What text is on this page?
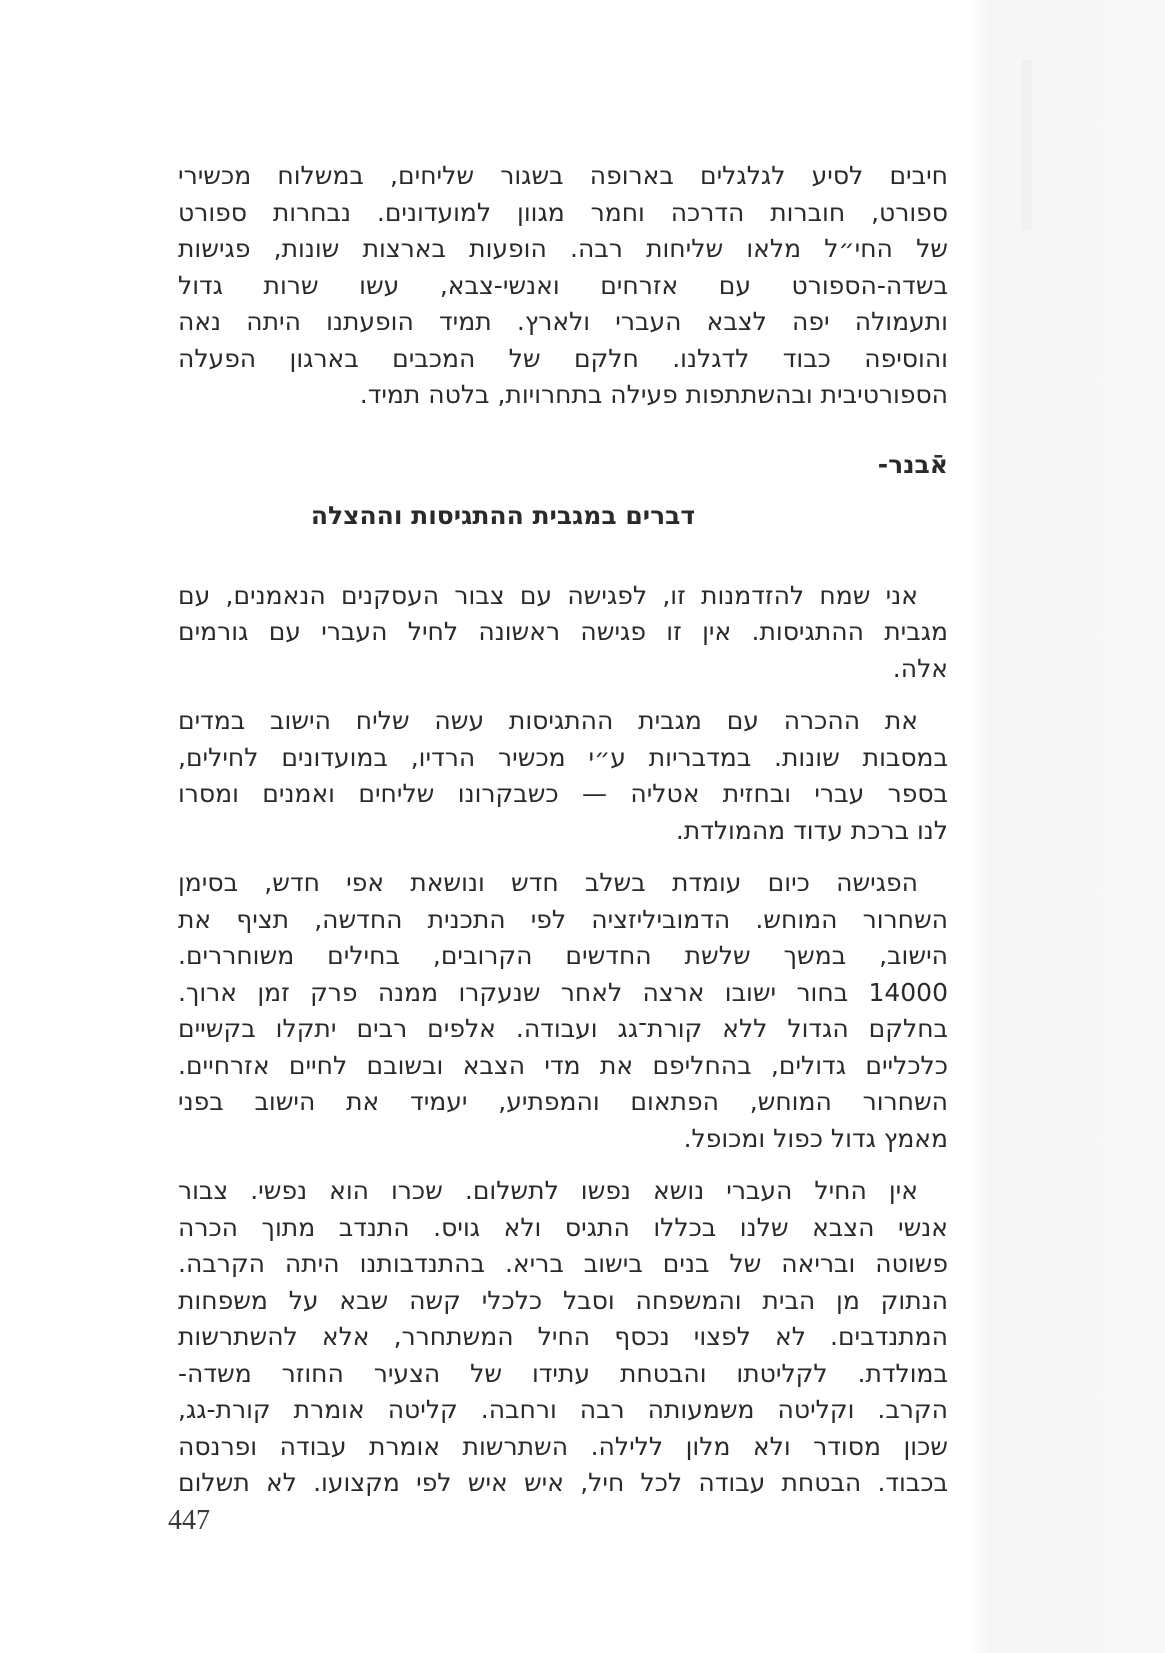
חיבים לסיע לגלגלים בארופה בשגור שליחים, במשלוח מכשירי
ספורט, חוברות הדרכה וחמר מגוון למועדונים. נבחרות ספורט
של החי״ל מלאו שליחות רבה. הופעות בארצות שונות, פגישות
בשדה-הספורט עם אזרחים ואנשי-צבא, עשו שרות גדול
ותעמולה יפה לצבא העברי ולארץ. תמיד הופעתנו היתה נאה
והוסיפה כבוד לדגלנו. חלקם של המכבים בארגון הפעלה
הספורטיבית ובהשתתפות פעילה בתחרויות, בלטה תמיד.
אֿבנר-
דברים במגבית ההתגיסות וההצלה
אני שמח להזדמנות זו, לפגישה עם צבור העסקנים הנאמנים, עם
מגבית ההתגיסות. אין זו פגישה ראשונה לחיל העברי עם גורמים
אלה.
את ההכרה עם מגבית ההתגיסות עשה שליח הישוב במדים
במסבות שונות. במדבריות ע״י מכשיר הרדיו, במועדונים לחילים,
בספר עברי ובחזית אטליה — כשבקרונו שליחים ואמנים ומסרו
לנו ברכת עדוד מהמולדת.
הפגישה כיום עומדת בשלב חדש ונושאת אפי חדש, בסימן
השחרור המוחש. הדמוביליזציה לפי התכנית החדשה, תציף את
הישוב, במשך שלשת החדשים הקרובים, בחילים משוחררים.
14000 בחור ישובו ארצה לאחר שנעקרו ממנה פרק זמן ארוך.
בחלקם הגדול ללא קורת־גג ועבודה. אלפים רבים יתקלו בקשיים
כלכליים גדולים, בהחליפם את מדי הצבא ובשובם לחיים אזרחיים.
השחרור המוחש, הפתאום והמפתיע, יעמיד את הישוב בפני
מאמץ גדול כפול ומכופל.
אין החיל העברי נושא נפשו לתשלום. שכרו הוא נפשי. צבור
אנשי הצבא שלנו בכללו התגיס ולא גויס. התנדב מתוך הכרה
פשוטה ובריאה של בנים בישוב בריא. בהתנדבותנו היתה הקרבה.
הנתוק מן הבית והמשפחה וסבל כלכלי קשה שבא על משפחות
המתנדבים. לא לפצוי נכסף החיל המשתחרר, אלא להשתרשות
במולדת. לקליטתו והבטחת עתידו של הצעיר החוזר משדה-
הקרב. וקליטה משמעותה רבה ורחבה. קליטה אומרת קורת-גג,
שכון מסודר ולא מלון ללילה. השתרשות אומרת עבודה ופרנסה
בכבוד. הבטחת עבודה לכל חיל, איש איש לפי מקצועו. לא תשלום
447
